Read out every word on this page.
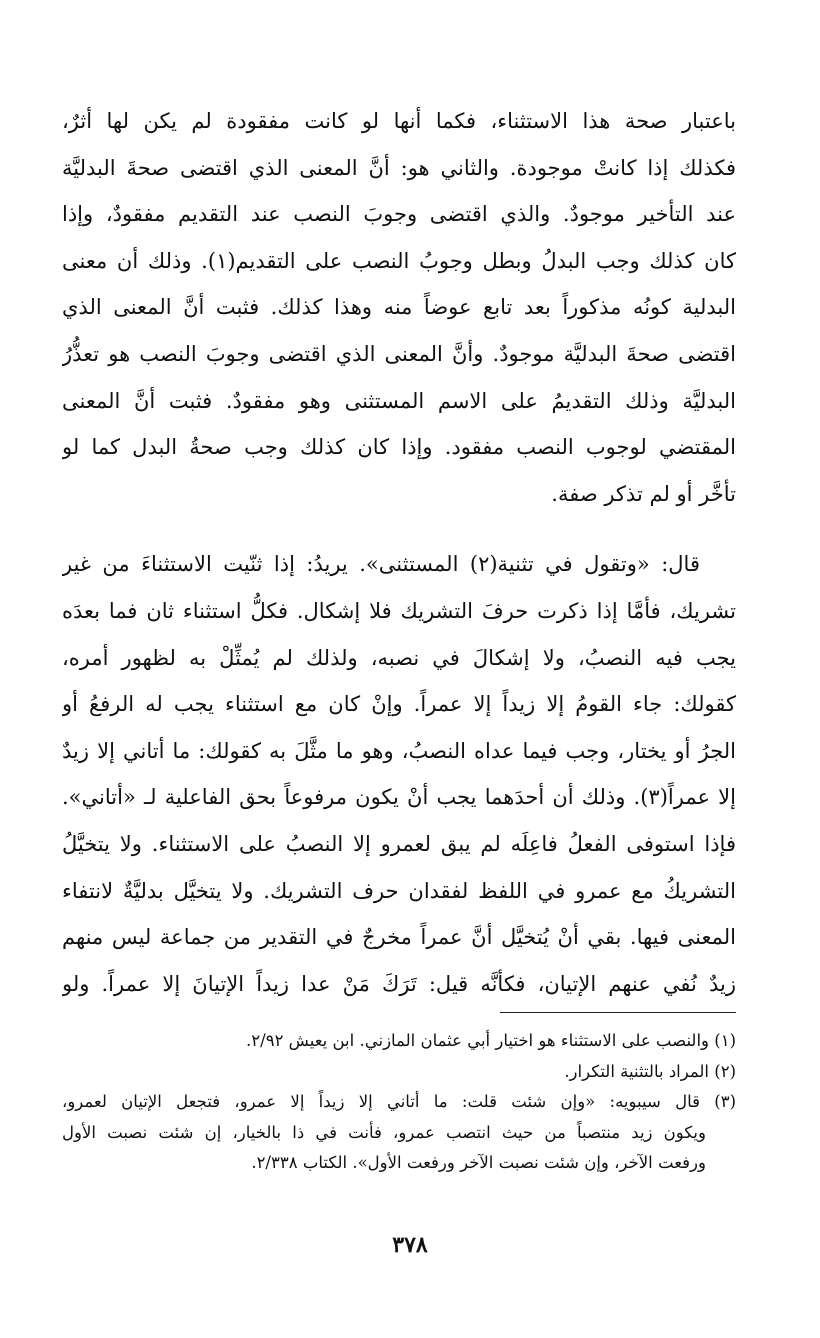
باعتبار صحة هذا الاستثناء، فكما أنها لو كانت مفقودة لم يكن لها أثرٌ،
فكذلك إذا كانتْ موجودة. والثاني هو: أنَّ المعنى الذي اقتضى صحةَ البدليَّة
عند التأخير موجودٌ. والذي اقتضى وجوبَ النصب عند التقديم مفقودٌ، وإذا
كان كذلك وجب البدلُ وبطل وجوبُ النصب على التقديم(١). وذلك أن معنى
البدلية كونُه مذكوراً بعد تابع عوضاً منه وهذا كذلك. فثبت أنَّ المعنى الذي
اقتضى صحةَ البدليَّة موجودٌ. وأنَّ المعنى الذي اقتضى وجوبَ النصب هو تعذُّرُ
البدليَّة وذلك التقديمُ على الاسم المستثنى وهو مفقودٌ. فثبت أنَّ المعنى
المقتضي لوجوب النصب مفقود. وإذا كان كذلك وجب صحةُ البدل كما لو
تأخَّر أو لم تذكر صفة.
قال: «وتقول في تثنية(٢) المستثنى». يريدُ: إذا ثنّيت الاستثناءَ من غير
تشريك، فأمَّا إذا ذكرت حرفَ التشريك فلا إشكال. فكلُّ استثناء ثان فما بعدَه
يجب فيه النصبُ، ولا إشكالَ في نصبه، ولذلك لم يُمثِّلْ به لظهور أمره،
كقولك: جاء القومُ إلا زيداً إلا عمراً. وإنْ كان مع استثناء يجب له الرفعُ أو
الجرُ أو يختار، وجب فيما عداه النصبُ، وهو ما مثَّلَ به كقولك: ما أتاني إلا زيدٌ
إلا عمراً(٣). وذلك أن أحدَهما يجب أنْ يكون مرفوعاً بحق الفاعلية لـ «أتاني».
فإذا استوفى الفعلُ فاعِلَه لم يبق لعمرو إلا النصبُ على الاستثناء. ولا يتخيَّلُ
التشريكُ مع عمرو في اللفظ لفقدان حرف التشريك. ولا يتخيَّل بدليَّةٌ لانتفاء
المعنى فيها. بقي أنْ يُتخيَّل أنَّ عمراً مخرجٌ في التقدير من جماعة ليس منهم
زيدٌ نُفي عنهم الإتيان، فكأنَّه قيل: تَرَكَ مَنْ عدا زيداً الإتيانَ إلا عمراً. ولو
(١) والنصب على الاستثناء هو اختيار أبي عثمان المازني. ابن يعيش ٢/٩٢.
(٢) المراد بالتثنية التكرار.
(٣) قال سيبويه: «وإن شئت قلت: ما أتاني إلا زيداً إلا عمرو، فتجعل الإتيان لعمرو،
ويكون زيد منتصباً من حيث انتصب عمرو، فأنت في ذا بالخيار، إن شئت نصبت الأول
ورفعت الآخر، وإن شئت نصبت الآخر ورفعت الأول». الكتاب ٢/٣٣٨.
٣٧٨
